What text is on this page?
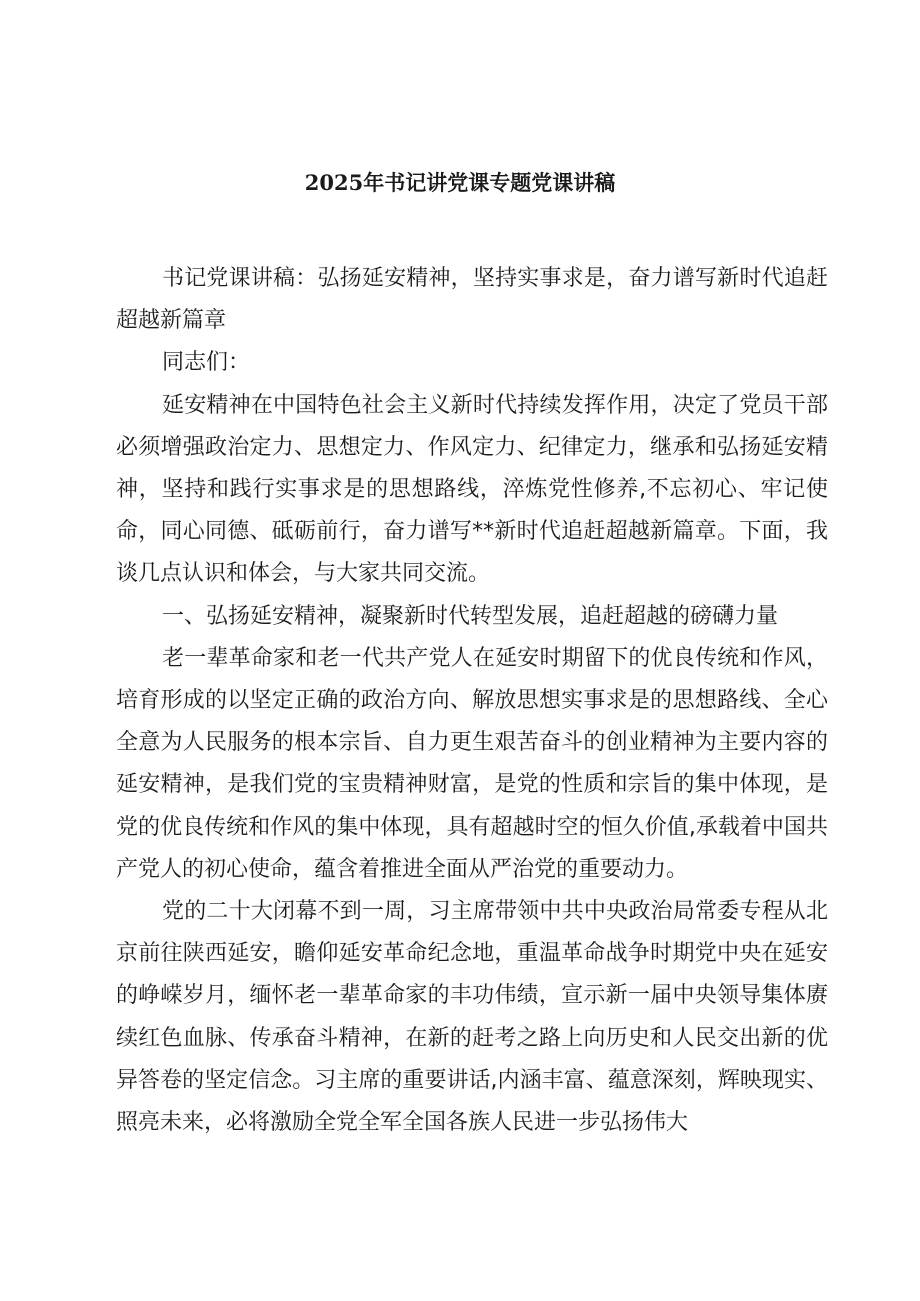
2025年书记讲党课专题党课讲稿

书记党课讲稿：弘扬延安精神，坚持实事求是，奋力谱写新时代追赶超越新篇章

同志们：

延安精神在中国特色社会主义新时代持续发挥作用，决定了党员干部必须增强政治定力、思想定力、作风定力、纪律定力，继承和弘扬延安精神，坚持和践行实事求是的思想路线，淬炼党性修养,不忘初心、牢记使命，同心同德、砥砺前行，奋力谱写**新时代追赶超越新篇章。下面，我谈几点认识和体会，与大家共同交流。

一、弘扬延安精神，凝聚新时代转型发展，追赶超越的磅礴力量

老一辈革命家和老一代共产党人在延安时期留下的优良传统和作风，培育形成的以坚定正确的政治方向、解放思想实事求是的思想路线、全心全意为人民服务的根本宗旨、自力更生艰苦奋斗的创业精神为主要内容的延安精神，是我们党的宝贵精神财富，是党的性质和宗旨的集中体现，是党的优良传统和作风的集中体现，具有超越时空的恒久价值,承载着中国共产党人的初心使命，蕴含着推进全面从严治党的重要动力。

党的二十大闭幕不到一周，习主席带领中共中央政治局常委专程从北京前往陕西延安，瞻仰延安革命纪念地，重温革命战争时期党中央在延安的峥嵘岁月，缅怀老一辈革命家的丰功伟绩，宣示新一届中央领导集体赓续红色血脉、传承奋斗精神，在新的赶考之路上向历史和人民交出新的优异答卷的坚定信念。习主席的重要讲话,内涵丰富、蕴意深刻，辉映现实、照亮未来，必将激励全党全军全国各族人民进一步弘扬伟大
